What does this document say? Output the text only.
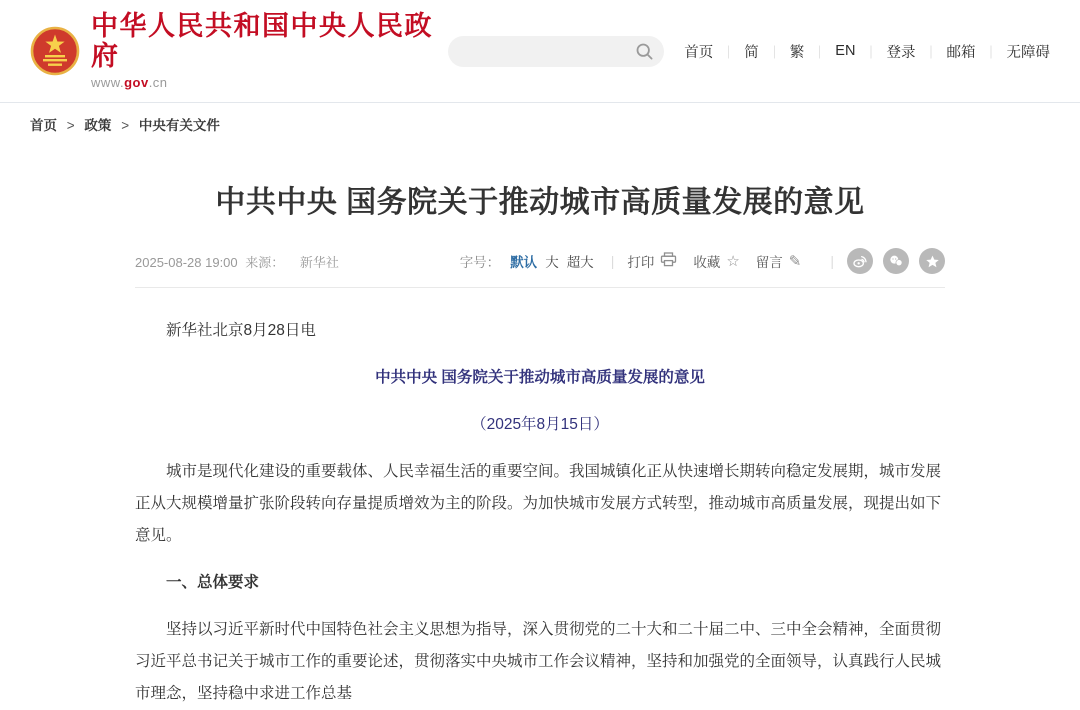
中华人民共和国中央人民政府
www.gov.cn
首页 ｜ 简 ｜ 繁 ｜ EN ｜ 登录 ｜ 邮箱 ｜ 无障碍
首页 > 政策 > 中央有关文件
中共中央 国务院关于推动城市高质量发展的意见
2025-08-28 19:00 来源： 新华社	字号： 默认 大 超大 | 打印	收藏 ☆ 留言 ✎ |

新华社北京8月28日电

中共中央 国务院关于推动城市高质量发展的意见

（2025年8月15日）

城市是现代化建设的重要载体、人民幸福生活的重要空间。我国城镇化正从快速增长期转向稳定发展期，城市发展正从大规模增量扩张阶段转向存量提质增效为主的阶段。为加快城市发展方式转型，推动城市高质量发展，现提出如下意见。

一、总体要求

坚持以习近平新时代中国特色社会主义思想为指导，深入贯彻党的二十大和二十届二中、三中全会精神，全面贯彻习近平总书记关于城市工作的重要论述，贯彻落实中央城市工作会议精神，坚持和加强党的全面领导，认真践行人民城市理念，坚持稳中求进工作总基
